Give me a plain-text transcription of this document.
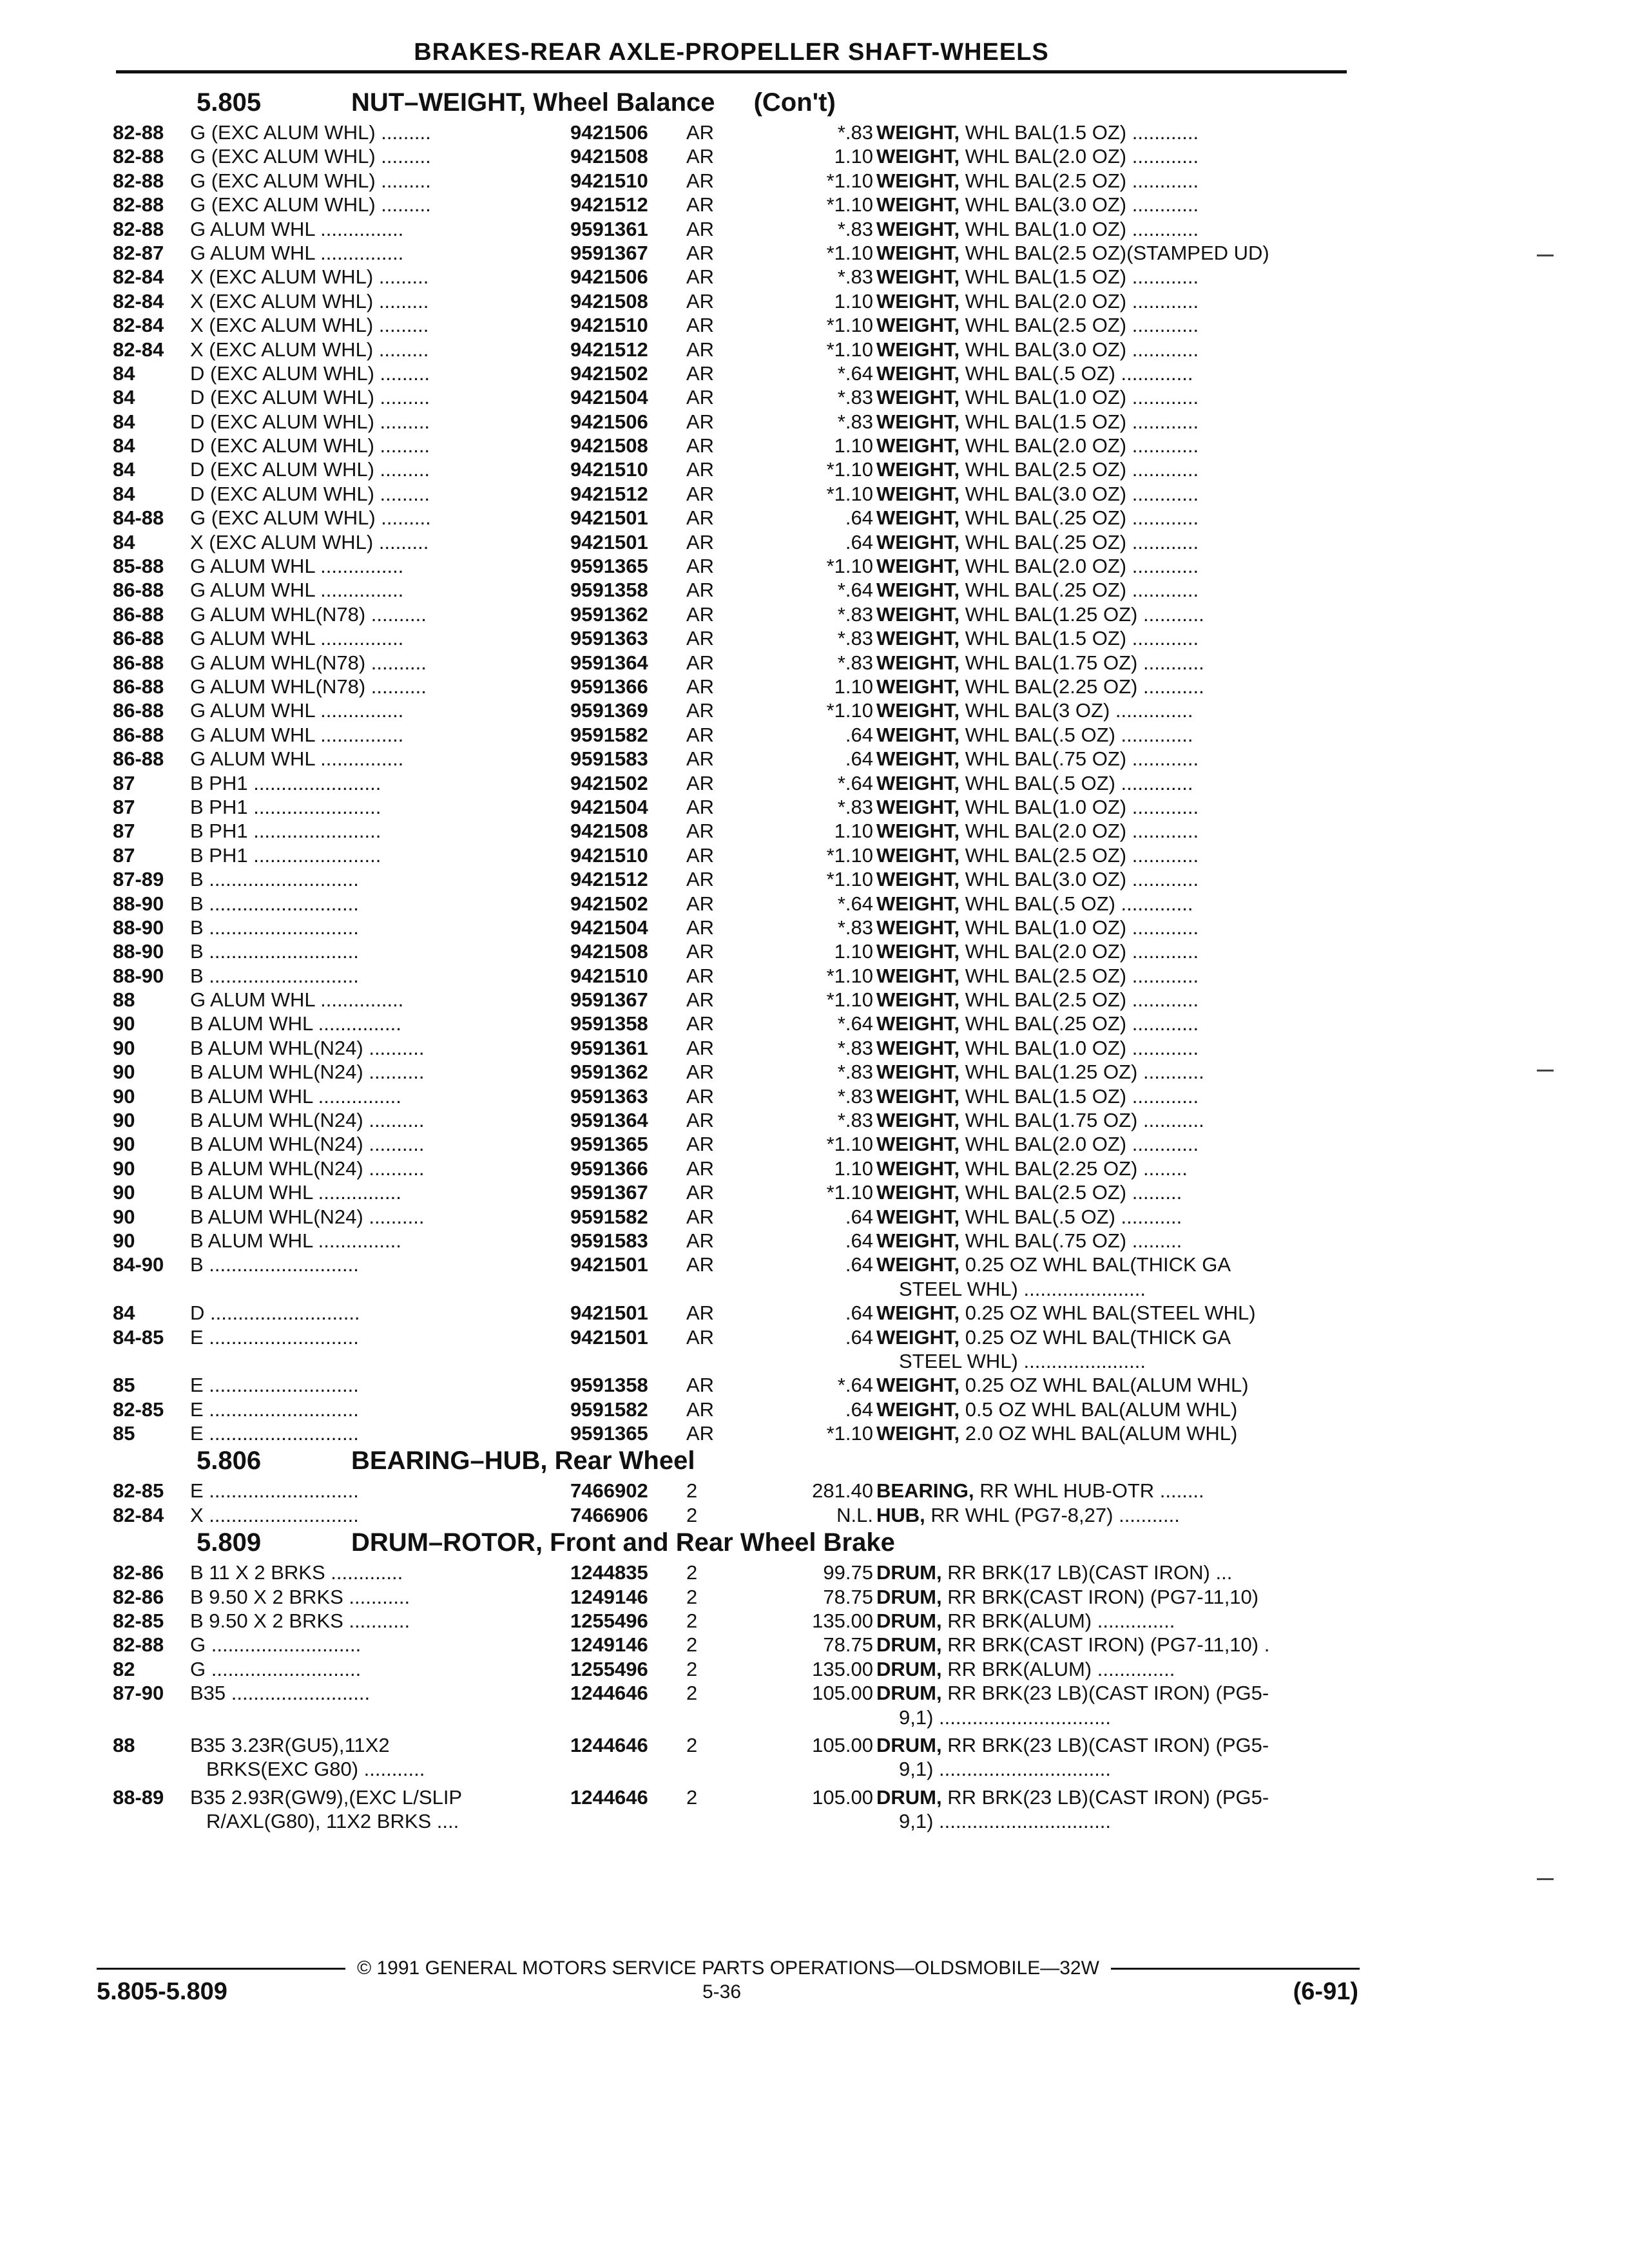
BRAKES-REAR AXLE-PROPELLER SHAFT-WHEELS
5.805	NUT–WEIGHT, Wheel Balance (Con't)
82-88 G (EXC ALUM WHL) .........	9421506 AR	*.83 WEIGHT, WHL BAL(1.5 OZ) ............
82-88 G (EXC ALUM WHL) .........	9421508 AR	1.10 WEIGHT, WHL BAL(2.0 OZ) ............
82-88 G (EXC ALUM WHL) .........	9421510 AR	*1.10 WEIGHT, WHL BAL(2.5 OZ) ............
82-88 G (EXC ALUM WHL) .........	9421512 AR	*1.10 WEIGHT, WHL BAL(3.0 OZ) ............
82-88 G ALUM WHL ...............	9591361 AR	*.83 WEIGHT, WHL BAL(1.0 OZ) ............
82-87 G ALUM WHL ...............	9591367 AR	*1.10 WEIGHT, WHL BAL(2.5 OZ)(STAMPED UD)
82-84 X (EXC ALUM WHL) .........	9421506 AR	*.83 WEIGHT, WHL BAL(1.5 OZ) ............
82-84 X (EXC ALUM WHL) .........	9421508 AR	1.10 WEIGHT, WHL BAL(2.0 OZ) ............
82-84 X (EXC ALUM WHL) .........	9421510 AR	*1.10 WEIGHT, WHL BAL(2.5 OZ) ............
82-84 X (EXC ALUM WHL) .........	9421512 AR	*1.10 WEIGHT, WHL BAL(3.0 OZ) ............
84	D (EXC ALUM WHL) .........	9421502 AR	*.64 WEIGHT, WHL BAL(.5 OZ) .............
84	D (EXC ALUM WHL) .........	9421504 AR	*.83 WEIGHT, WHL BAL(1.0 OZ) ............
84	D (EXC ALUM WHL) .........	9421506 AR	*.83 WEIGHT, WHL BAL(1.5 OZ) ............
84	D (EXC ALUM WHL) .........	9421508 AR	1.10 WEIGHT, WHL BAL(2.0 OZ) ............
84	D (EXC ALUM WHL) .........	9421510 AR	*1.10 WEIGHT, WHL BAL(2.5 OZ) ............
84	D (EXC ALUM WHL) .........	9421512 AR	*1.10 WEIGHT, WHL BAL(3.0 OZ) ............
84-88 G (EXC ALUM WHL) .........	9421501 AR	.64 WEIGHT, WHL BAL(.25 OZ) ............
84	X (EXC ALUM WHL) .........	9421501 AR	.64 WEIGHT, WHL BAL(.25 OZ) ............
85-88 G ALUM WHL ...............	9591365 AR	*1.10 WEIGHT, WHL BAL(2.0 OZ) ............
86-88 G ALUM WHL ...............	9591358 AR	*.64 WEIGHT, WHL BAL(.25 OZ) ............
86-88 G ALUM WHL(N78) ..........	9591362 AR	*.83 WEIGHT, WHL BAL(1.25 OZ) ...........
86-88 G ALUM WHL ...............	9591363 AR	*.83 WEIGHT, WHL BAL(1.5 OZ) ............
86-88 G ALUM WHL(N78) ..........	9591364 AR	*.83 WEIGHT, WHL BAL(1.75 OZ) ...........
86-88 G ALUM WHL(N78) ..........	9591366 AR	1.10 WEIGHT, WHL BAL(2.25 OZ) ...........
86-88 G ALUM WHL ...............	9591369 AR	*1.10 WEIGHT, WHL BAL(3 OZ) ..............
86-88 G ALUM WHL ...............	9591582 AR	.64 WEIGHT, WHL BAL(.5 OZ) .............
86-88 G ALUM WHL ...............	9591583 AR	.64 WEIGHT, WHL BAL(.75 OZ) ............
87	B PH1 .......................	9421502 AR	*.64 WEIGHT, WHL BAL(.5 OZ) .............
87	B PH1 .......................	9421504 AR	*.83 WEIGHT, WHL BAL(1.0 OZ) ............
87	B PH1 .......................	9421508 AR	1.10 WEIGHT, WHL BAL(2.0 OZ) ............
87	B PH1 .......................	9421510 AR	*1.10 WEIGHT, WHL BAL(2.5 OZ) ............
87-89 B ...........................	9421512 AR	*1.10 WEIGHT, WHL BAL(3.0 OZ) ............
88-90 B ...........................	9421502 AR	*.64 WEIGHT, WHL BAL(.5 OZ) .............
88-90 B ...........................	9421504 AR	*.83 WEIGHT, WHL BAL(1.0 OZ) ............
88-90 B ...........................	9421508 AR	1.10 WEIGHT, WHL BAL(2.0 OZ) ............
88-90 B ...........................	9421510 AR	*1.10 WEIGHT, WHL BAL(2.5 OZ) ............
88	G ALUM WHL ...............	9591367 AR	*1.10 WEIGHT, WHL BAL(2.5 OZ) ............
90	B ALUM WHL ...............	9591358 AR	*.64 WEIGHT, WHL BAL(.25 OZ) ............
90	B ALUM WHL(N24) ..........	9591361 AR	*.83 WEIGHT, WHL BAL(1.0 OZ) ............
90	B ALUM WHL(N24) ..........	9591362 AR	*.83 WEIGHT, WHL BAL(1.25 OZ) ...........
90	B ALUM WHL ...............	9591363 AR	*.83 WEIGHT, WHL BAL(1.5 OZ) ............
90	B ALUM WHL(N24) ..........	9591364 AR	*.83 WEIGHT, WHL BAL(1.75 OZ) ...........
90	B ALUM WHL(N24) ..........	9591365 AR	*1.10 WEIGHT, WHL BAL(2.0 OZ) ............
90	B ALUM WHL(N24) ..........	9591366 AR	1.10 WEIGHT, WHL BAL(2.25 OZ) ........
90	B ALUM WHL ...............	9591367 AR	*1.10 WEIGHT, WHL BAL(2.5 OZ) .........
90	B ALUM WHL(N24) ..........	9591582 AR	.64 WEIGHT, WHL BAL(.5 OZ) ...........
90	B ALUM WHL ...............	9591583 AR	.64 WEIGHT, WHL BAL(.75 OZ) .........
84-90 B ...........................	9421501 AR	.64 WEIGHT, 0.25 OZ WHL BAL(THICK GA
STEEL WHL) ......................
84	D ...........................	9421501 AR	.64 WEIGHT, 0.25 OZ WHL BAL(STEEL WHL)
84-85 E ...........................	9421501 AR	.64 WEIGHT, 0.25 OZ WHL BAL(THICK GA
STEEL WHL) ......................
85	E ...........................	9591358 AR	*.64 WEIGHT, 0.25 OZ WHL BAL(ALUM WHL)
82-85 E ...........................	9591582 AR	.64 WEIGHT, 0.5 OZ WHL BAL(ALUM WHL)
85	E ...........................	9591365 AR	*1.10 WEIGHT, 2.0 OZ WHL BAL(ALUM WHL)
5.806	BEARING–HUB, Rear Wheel
82-85 E ...........................	7466902 2	281.40 BEARING, RR WHL HUB-OTR ........
82-84 X ...........................	7466906 2	N.L. HUB, RR WHL (PG7-8,27) ...........
5.809	DRUM–ROTOR, Front and Rear Wheel Brake
82-86 B 11 X 2 BRKS .............	1244835 2	99.75 DRUM, RR BRK(17 LB)(CAST IRON) ...
82-86 B 9.50 X 2 BRKS ...........	1249146 2	78.75 DRUM, RR BRK(CAST IRON) (PG7-11,10)
82-85 B 9.50 X 2 BRKS ...........	1255496 2	135.00 DRUM, RR BRK(ALUM) ..............
82-88 G ...........................	1249146 2	78.75 DRUM, RR BRK(CAST IRON) (PG7-11,10) .
82	G ...........................	1255496 2	135.00 DRUM, RR BRK(ALUM) ..............
87-90 B35 .........................	1244646 2	105.00 DRUM, RR BRK(23 LB)(CAST IRON) (PG5-
9,1) ...............................
88	B35 3.23R(GU5),11X2	1244646 2	105.00 DRUM, RR BRK(23 LB)(CAST IRON) (PG5-
BRKS(EXC G80) ...........	9,1) ...............................
88-89 B35 2.93R(GW9),(EXC L/SLIP	1244646 2	105.00 DRUM, RR BRK(23 LB)(CAST IRON) (PG5-
R/AXL(G80), 11X2 BRKS ....	9,1) ...............................
© 1991 GENERAL MOTORS SERVICE PARTS OPERATIONS—OLDSMOBILE—32W
5.805-5.809	5-36	(6-91)
